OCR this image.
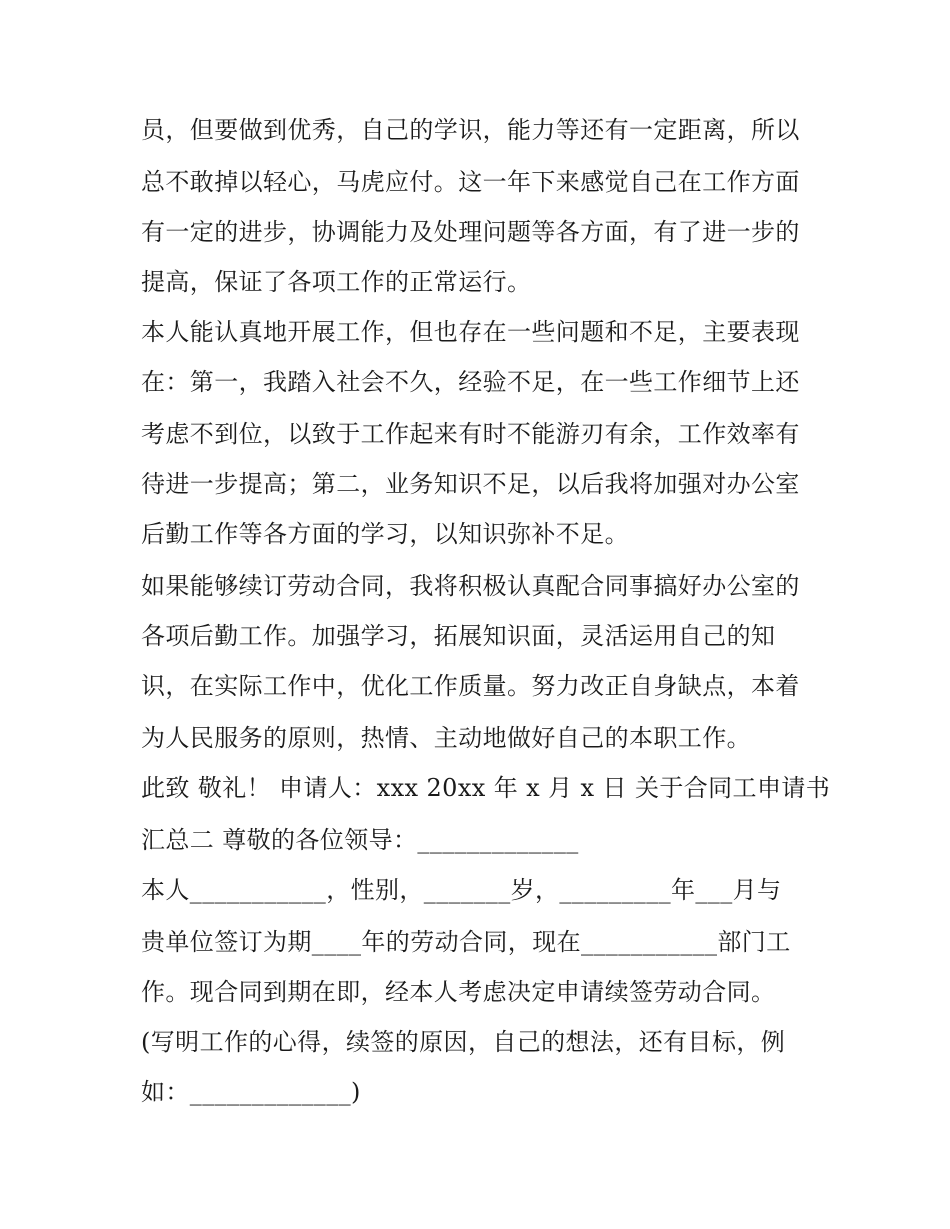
员，但要做到优秀，自己的学识，能力等还有一定距离，所以
总不敢掉以轻心，马虎应付。这一年下来感觉自己在工作方面
有一定的进步，协调能力及处理问题等各方面，有了进一步的
提高，保证了各项工作的正常运行。
本人能认真地开展工作，但也存在一些问题和不足，主要表现
在：第一，我踏入社会不久，经验不足，在一些工作细节上还
考虑不到位，以致于工作起来有时不能游刃有余，工作效率有
待进一步提高；第二，业务知识不足，以后我将加强对办公室
后勤工作等各方面的学习，以知识弥补不足。
如果能够续订劳动合同，我将积极认真配合同事搞好办公室的
各项后勤工作。加强学习，拓展知识面，灵活运用自己的知
识，在实际工作中，优化工作质量。努力改正自身缺点，本着
为人民服务的原则，热情、主动地做好自己的本职工作。
此致 敬礼！ 申请人：xxx 20xx 年 x 月 x 日 关于合同工申请书
汇总二 尊敬的各位领导：_____________
本人___________，性别，_______岁，_________年___月与
贵单位签订为期____年的劳动合同，现在___________部门工
作。现合同到期在即，经本人考虑决定申请续签劳动合同。
(写明工作的心得，续签的原因，自己的想法，还有目标，例
如：_____________)
